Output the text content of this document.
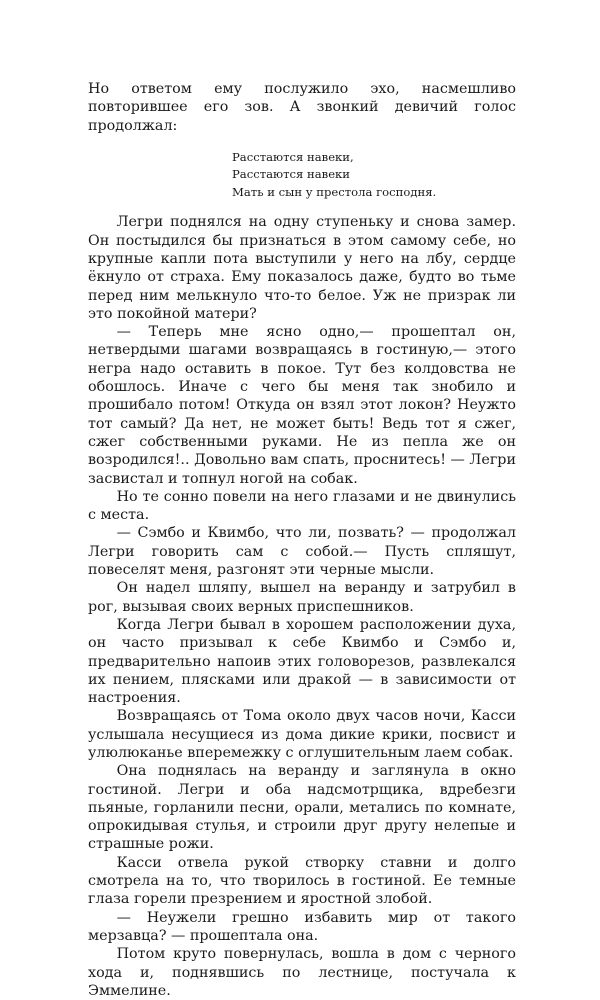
Но ответом ему послужило эхо, насмешливо повторившее его зов. А звонкий девичий голос продолжал:

Расстаются навеки,
Расстаются навеки
Мать и сын у престола господня.

Легри поднялся на одну ступеньку и снова замер. Он постыдился бы признаться в этом самому себе, но крупные капли пота выступили у него на лбу, сердце ёкнуло от страха. Ему показалось даже, будто во тьме перед ним мелькнуло что-то белое. Уж не призрак ли это покойной матери?

— Теперь мне ясно одно,— прошептал он, нетвердыми шагами возвращаясь в гостиную,— этого негра надо оставить в покое. Тут без колдовства не обошлось. Иначе с чего бы меня так знобило и прошибало потом! Откуда он взял этот локон? Неужто тот самый? Да нет, не может быть! Ведь тот я сжег, сжег собственными руками. Не из пепла же он возродился!.. Довольно вам спать, проснитесь! — Легри засвистал и топнул ногой на собак.

Но те сонно повели на него глазами и не двинулись с места.

— Сэмбо и Квимбо, что ли, позвать? — продолжал Легри говорить сам с собой.— Пусть спляшут, повеселят меня, разгонят эти черные мысли.

Он надел шляпу, вышел на веранду и затрубил в рог, вызывая своих верных приспешников.

Когда Легри бывал в хорошем расположении духа, он часто призывал к себе Квимбо и Сэмбо и, предварительно напоив этих головорезов, развлекался их пением, плясками или дракой — в зависимости от настроения.

Возвращаясь от Тома около двух часов ночи, Касси услышала несущиеся из дома дикие крики, посвист и улюлюканье вперемежку с оглушительным лаем собак.

Она поднялась на веранду и заглянула в окно гостиной. Легри и оба надсмотрщика, вдребезги пьяные, горланили песни, орали, метались по комнате, опрокидывая стулья, и строили друг другу нелепые и страшные рожи.

Касси отвела рукой створку ставни и долго смотрела на то, что творилось в гостиной. Ее темные глаза горели презрением и яростной злобой.

— Неужели грешно избавить мир от такого мерзавца? — прошептала она.

Потом круто повернулась, вошла в дом с черного хода и, поднявшись по лестнице, постучала к Эммелине.
